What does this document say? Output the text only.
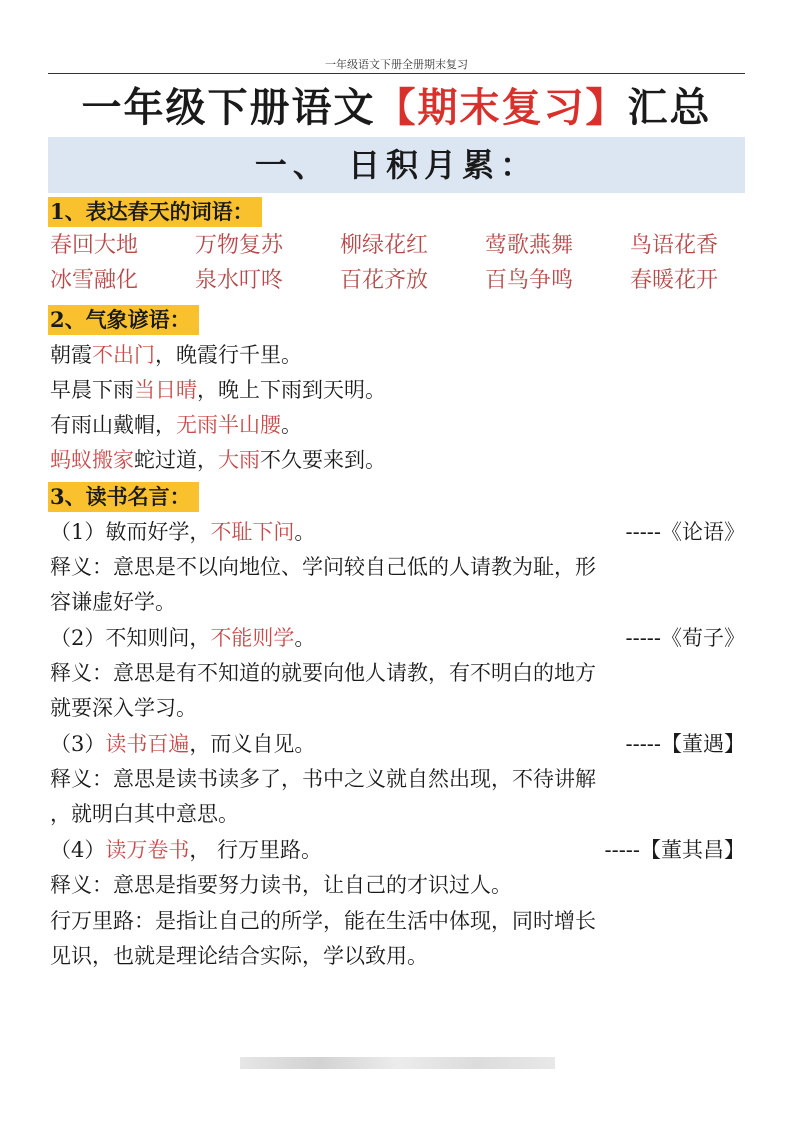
一年级语文下册全册期末复习
一年级下册语文【期末复习】汇总
一、 日积月累：
1、表达春天的词语：
春回大地	万物复苏	柳绿花红	莺歌燕舞	鸟语花香
冰雪融化	泉水叮咚	百花齐放	百鸟争鸣	春暖花开
2、气象谚语：
朝霞不出门，晚霞行千里。
早晨下雨当日晴，晚上下雨到天明。
有雨山戴帽，无雨半山腰。
蚂蚁搬家蛇过道，大雨不久要来到。
3、读书名言：
（1）敏而好学，不耻下问。	-----《论语》
释义：意思是不以向地位、学问较自己低的人请教为耻，形
容谦虚好学。
（2）不知则问，不能则学。	-----《荀子》
释义：意思是有不知道的就要向他人请教，有不明白的地方
就要深入学习。
（3）读书百遍，而义自见。	-----【董遇】
释义：意思是读书读多了，书中之义就自然出现，不待讲解
，就明白其中意思。
（4）读万卷书， 行万里路。	-----【董其昌】
释义：意思是指要努力读书，让自己的才识过人。
行万里路：是指让自己的所学，能在生活中体现，同时增长
见识，也就是理论结合实际，学以致用。
